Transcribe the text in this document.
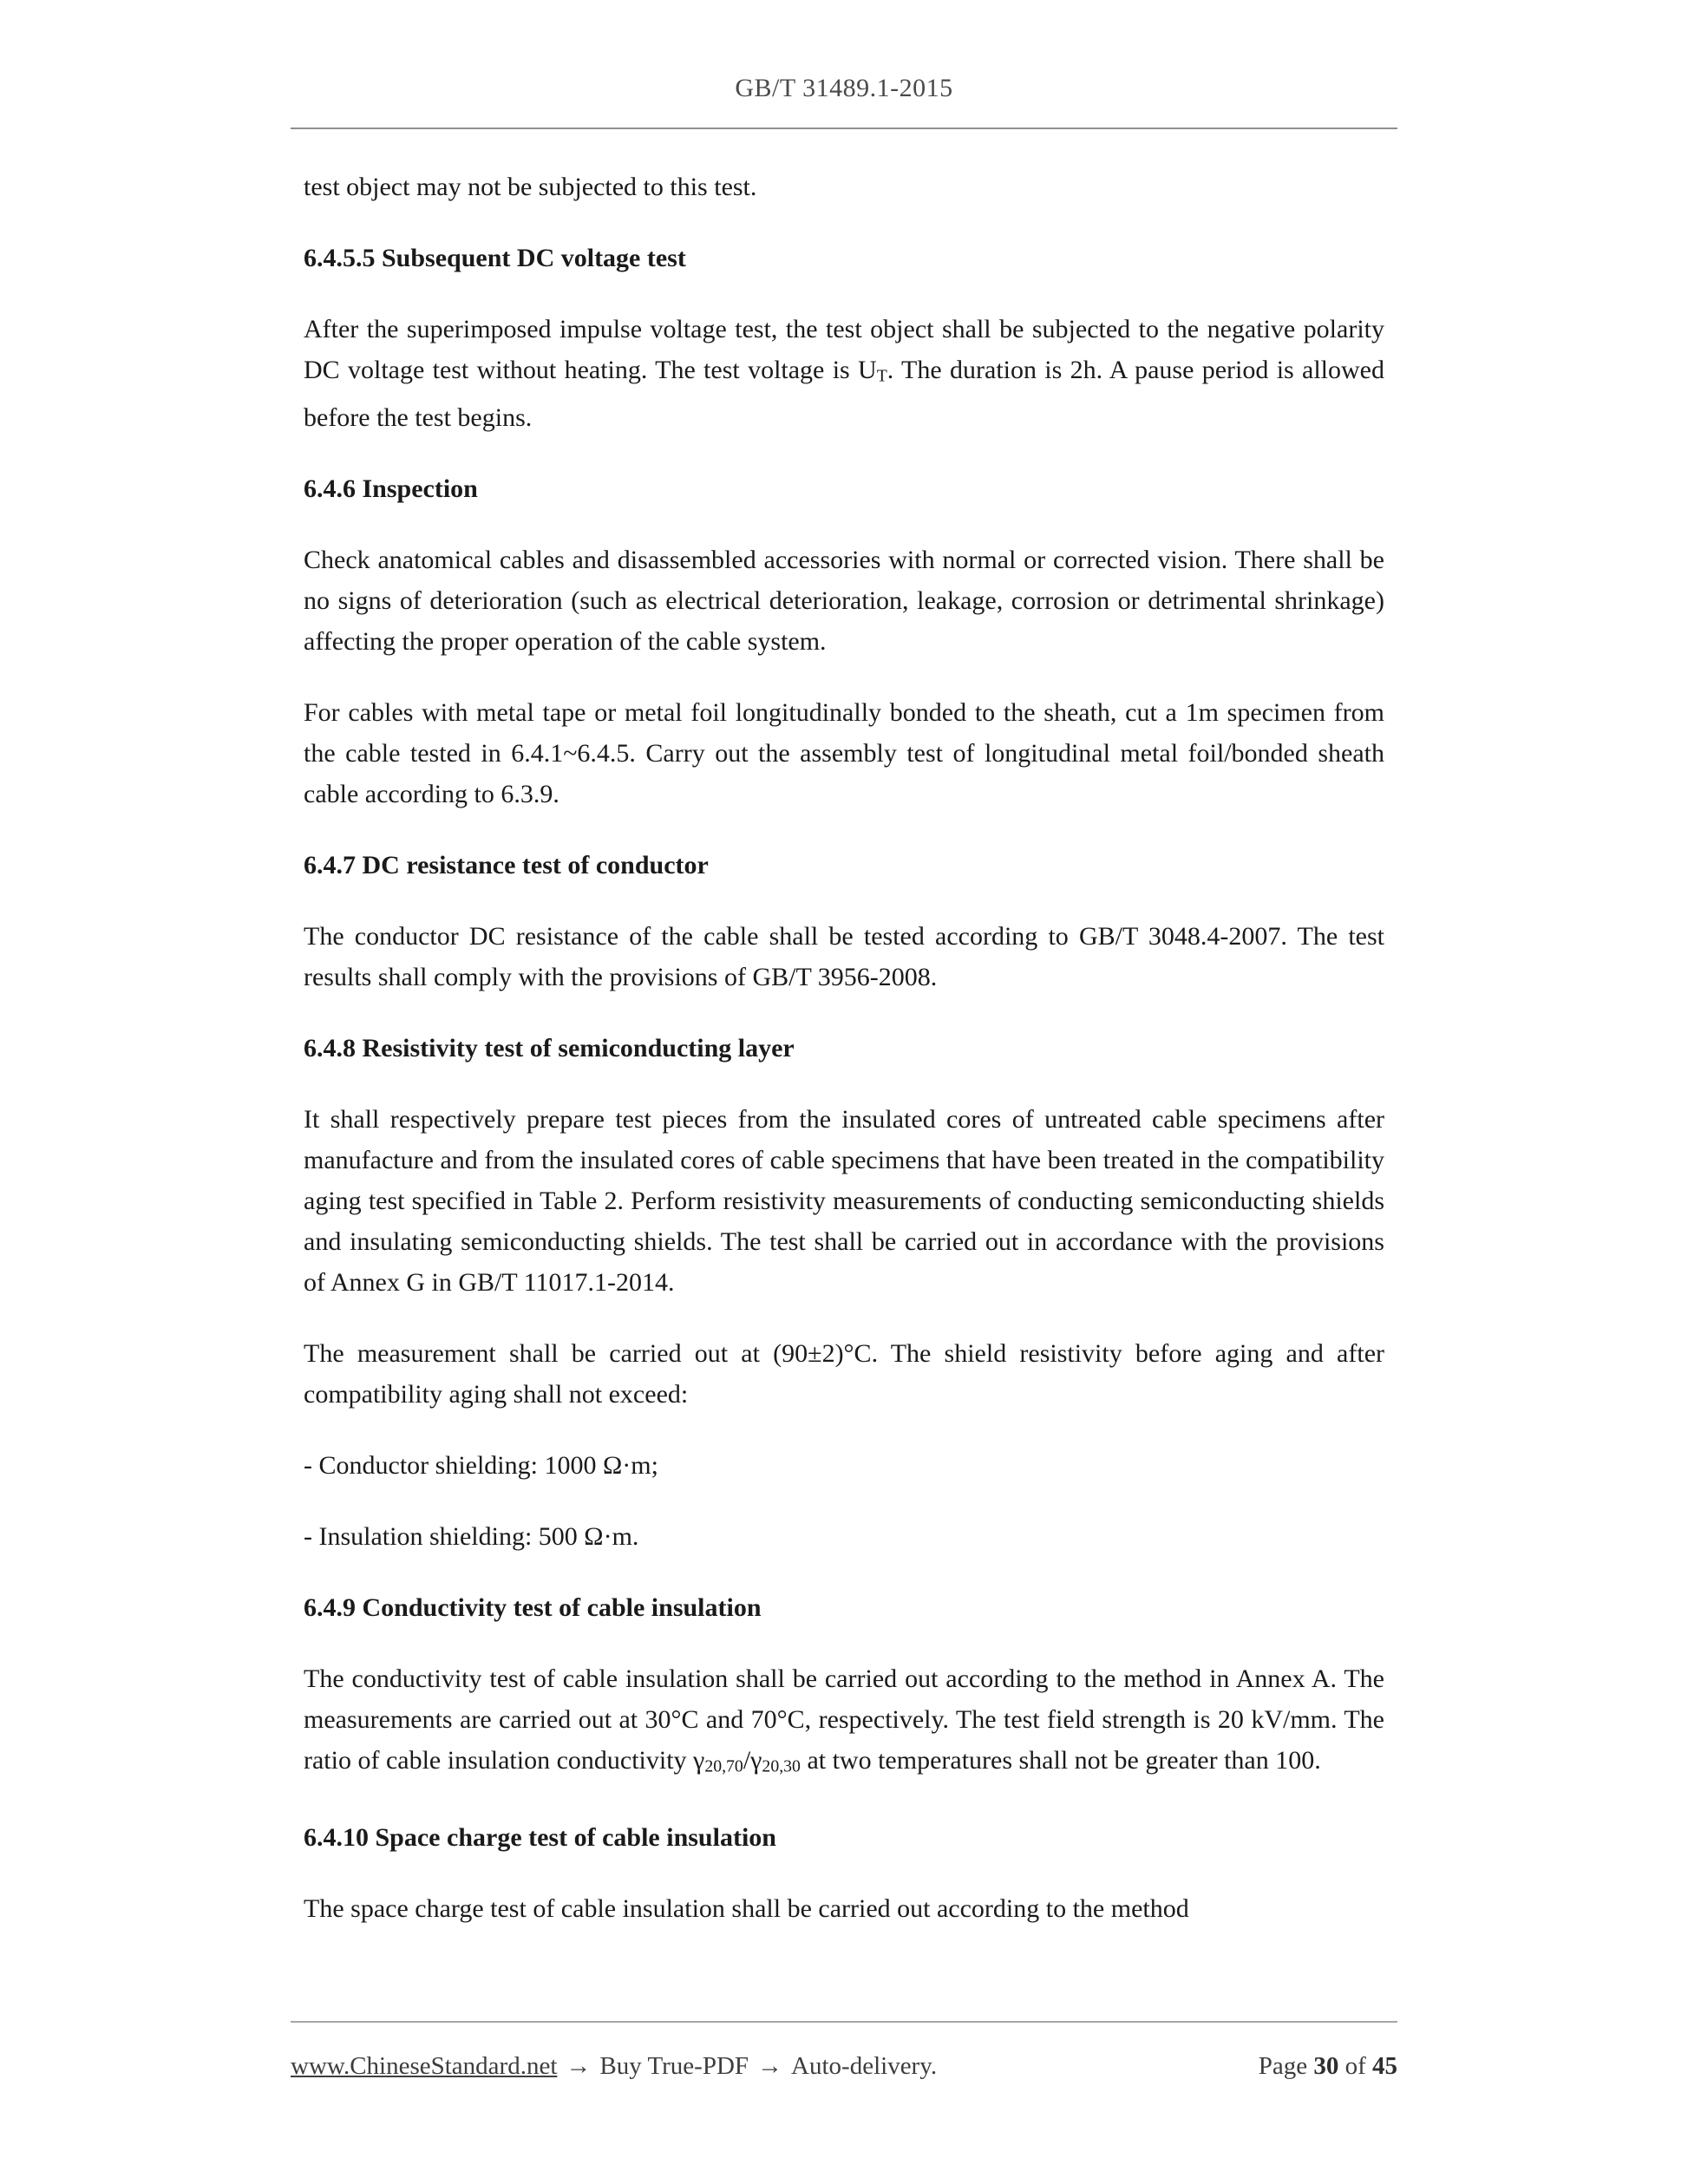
GB/T 31489.1-2015

test object may not be subjected to this test.

6.4.5.5 Subsequent DC voltage test

After the superimposed impulse voltage test, the test object shall be subjected to the negative polarity DC voltage test without heating. The test voltage is UT. The duration is 2h. A pause period is allowed before the test begins.

6.4.6 Inspection

Check anatomical cables and disassembled accessories with normal or corrected vision. There shall be no signs of deterioration (such as electrical deterioration, leakage, corrosion or detrimental shrinkage) affecting the proper operation of the cable system.

For cables with metal tape or metal foil longitudinally bonded to the sheath, cut a 1m specimen from the cable tested in 6.4.1~6.4.5. Carry out the assembly test of longitudinal metal foil/bonded sheath cable according to 6.3.9.

6.4.7 DC resistance test of conductor

The conductor DC resistance of the cable shall be tested according to GB/T 3048.4-2007. The test results shall comply with the provisions of GB/T 3956-2008.

6.4.8 Resistivity test of semiconducting layer

It shall respectively prepare test pieces from the insulated cores of untreated cable specimens after manufacture and from the insulated cores of cable specimens that have been treated in the compatibility aging test specified in Table 2. Perform resistivity measurements of conducting semiconducting shields and insulating semiconducting shields. The test shall be carried out in accordance with the provisions of Annex G in GB/T 11017.1-2014.

The measurement shall be carried out at (90±2)°C. The shield resistivity before aging and after compatibility aging shall not exceed:

- Conductor shielding: 1000 Ω·m;

- Insulation shielding: 500 Ω·m.

6.4.9 Conductivity test of cable insulation

The conductivity test of cable insulation shall be carried out according to the method in Annex A. The measurements are carried out at 30°C and 70°C, respectively. The test field strength is 20 kV/mm. The ratio of cable insulation conductivity γ20,70/γ20,30 at two temperatures shall not be greater than 100.

6.4.10 Space charge test of cable insulation

The space charge test of cable insulation shall be carried out according to the method

www.ChineseStandard.net → Buy True-PDF → Auto-delivery.	Page 30 of 45
